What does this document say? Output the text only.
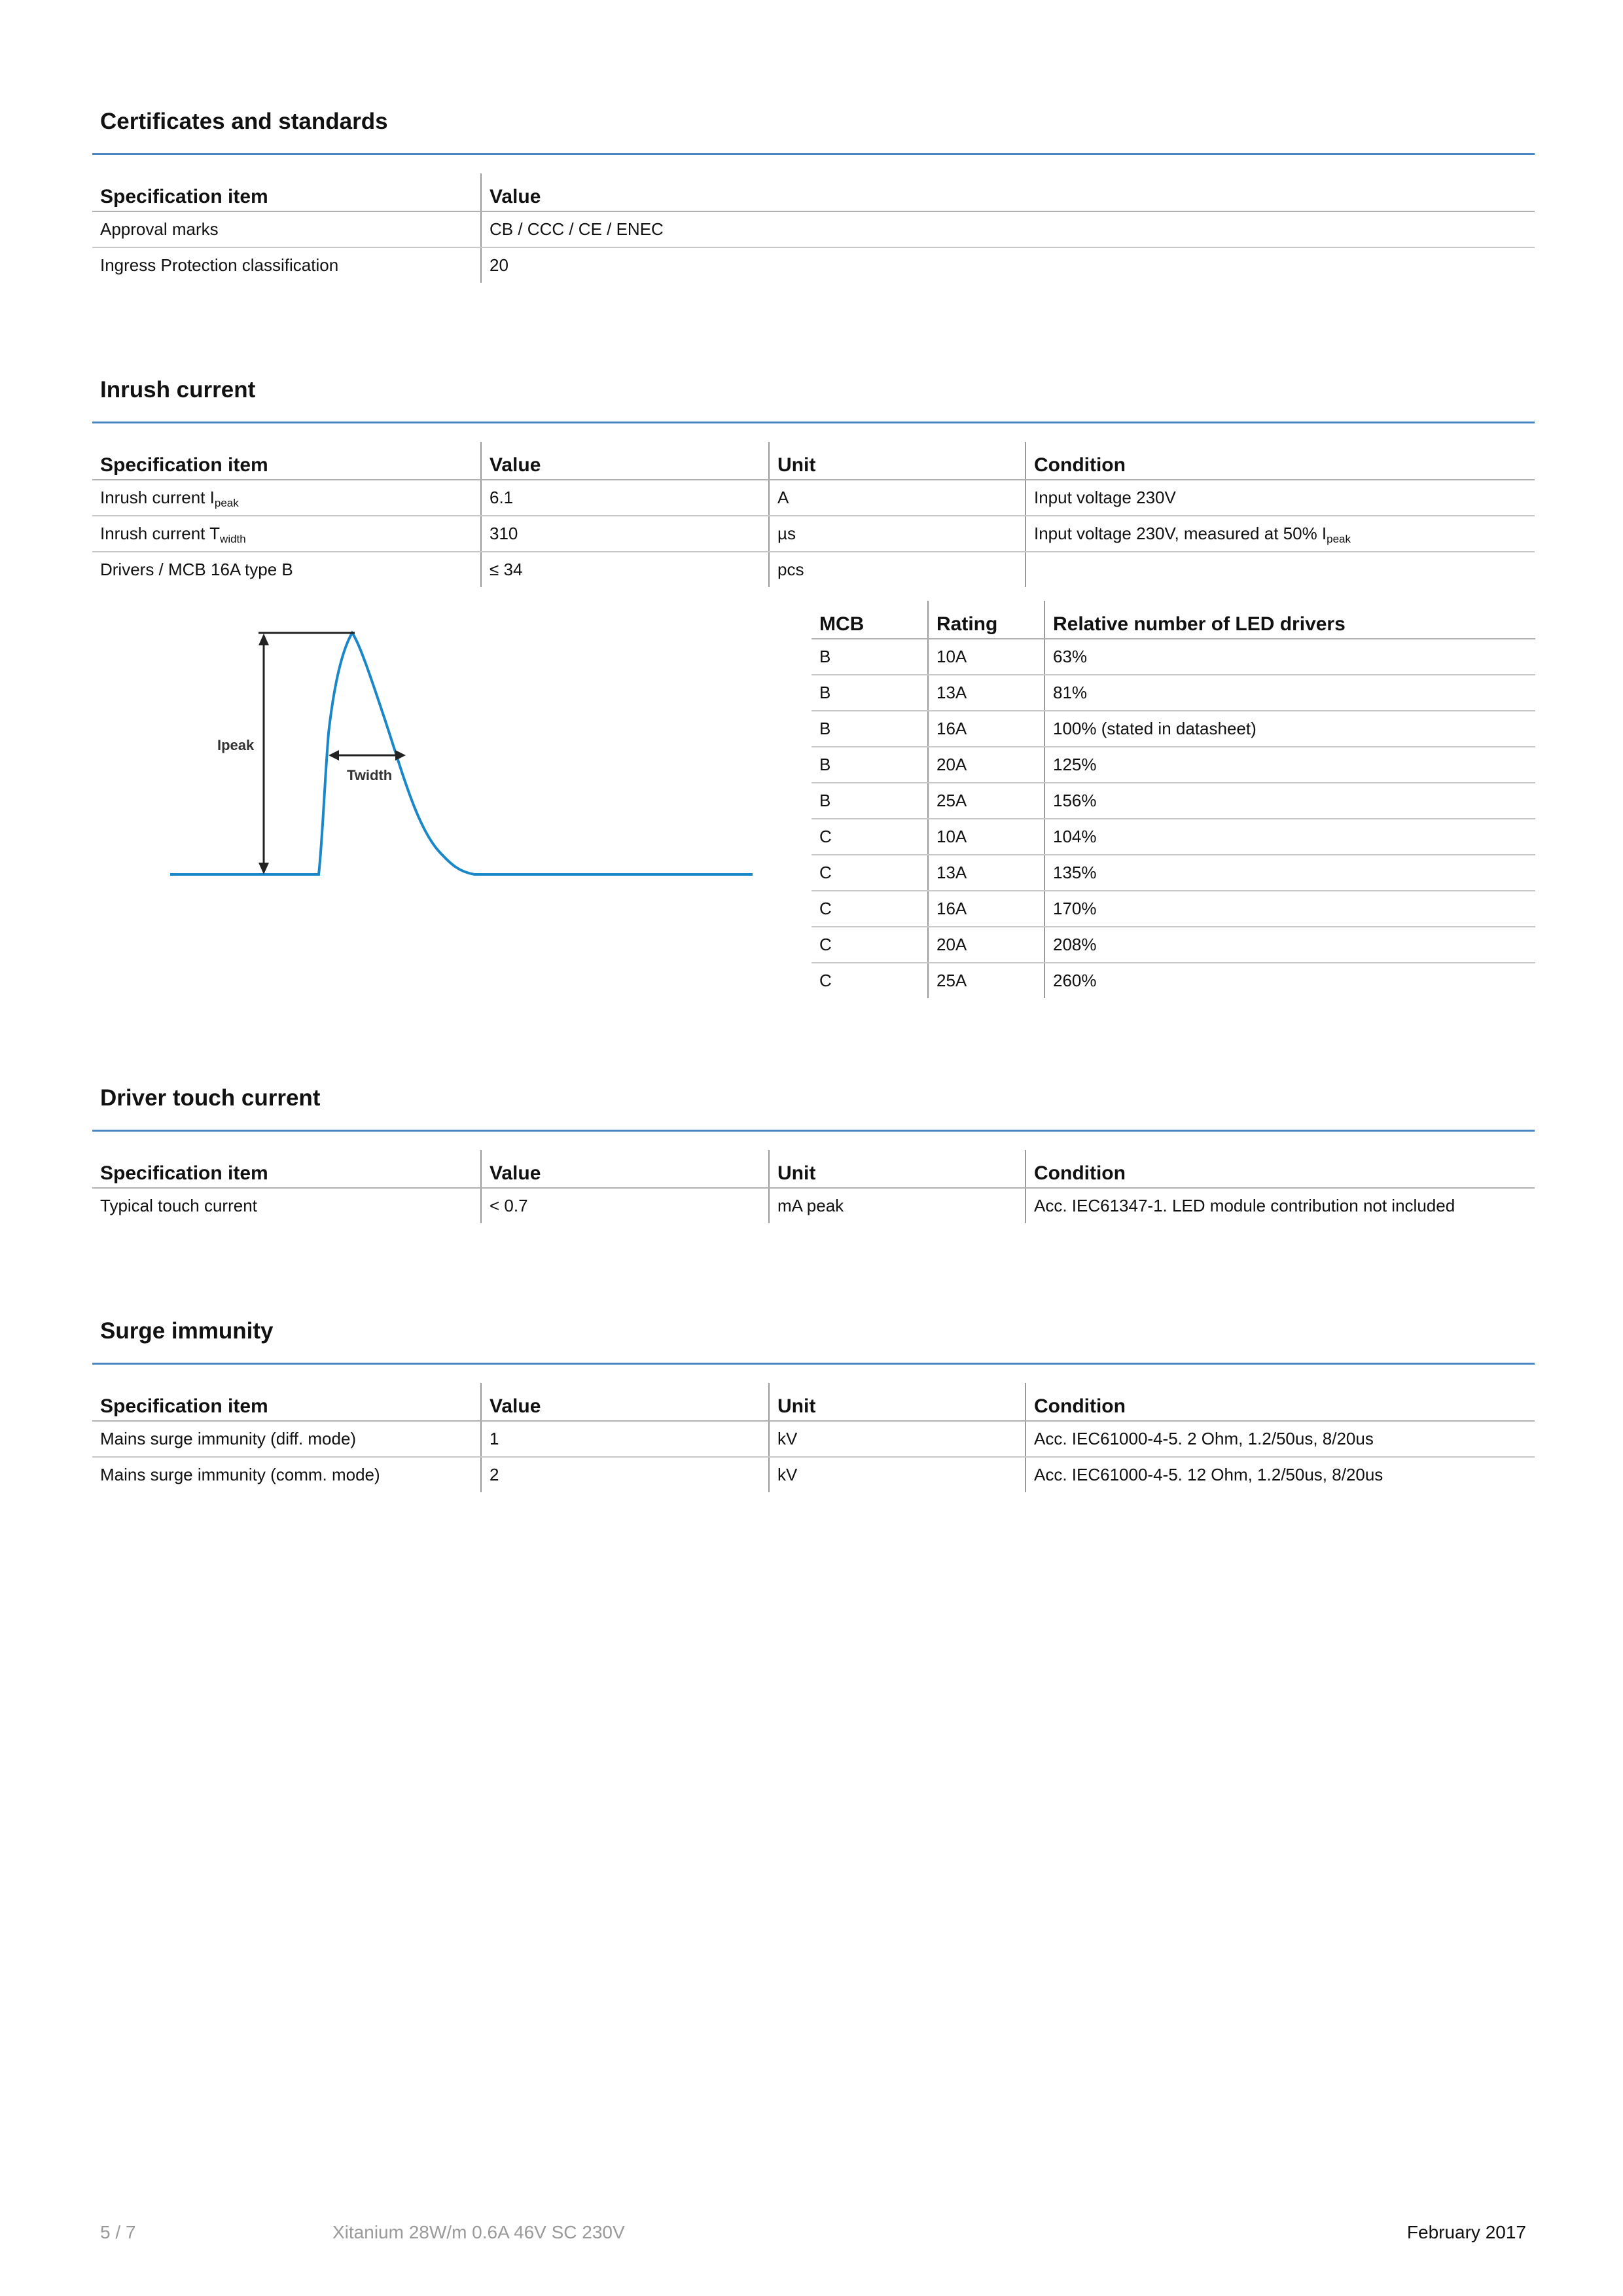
Certificates and standards
Specification item	Value
Approval marks	CB / CCC / CE / ENEC
Ingress Protection classification	20
Inrush current
Specification item	Value	Unit	Condition
Inrush current $I_{peak}$	6.1	A	Input voltage 230V
Inrush current $T_{width}$	310	µs	Input voltage 230V, measured at 50% $I_{peak}$
Drivers / MCB 16A type B	≤ 34	pcs	
Ipeak
Twidth
MCB	Rating	Relative number of LED drivers
B	10A	63%
B	13A	81%
B	16A	100% (stated in datasheet)
B	20A	125%
B	25A	156%
C	10A	104%
C	13A	135%
C	16A	170%
C	20A	208%
C	25A	260%
Driver touch current
Specification item	Value	Unit	Condition
Typical touch current	< 0.7	mA peak	Acc. IEC61347-1. LED module contribution not included
Surge immunity
Specification item	Value	Unit	Condition
Mains surge immunity (diff. mode)	1	kV	Acc. IEC61000-4-5. 2 Ohm, 1.2/50us, 8/20us
Mains surge immunity (comm. mode)	2	kV	Acc. IEC61000-4-5. 12 Ohm, 1.2/50us, 8/20us
5 / 7	Xitanium 28W/m 0.6A 46V SC 230V	February 2017
